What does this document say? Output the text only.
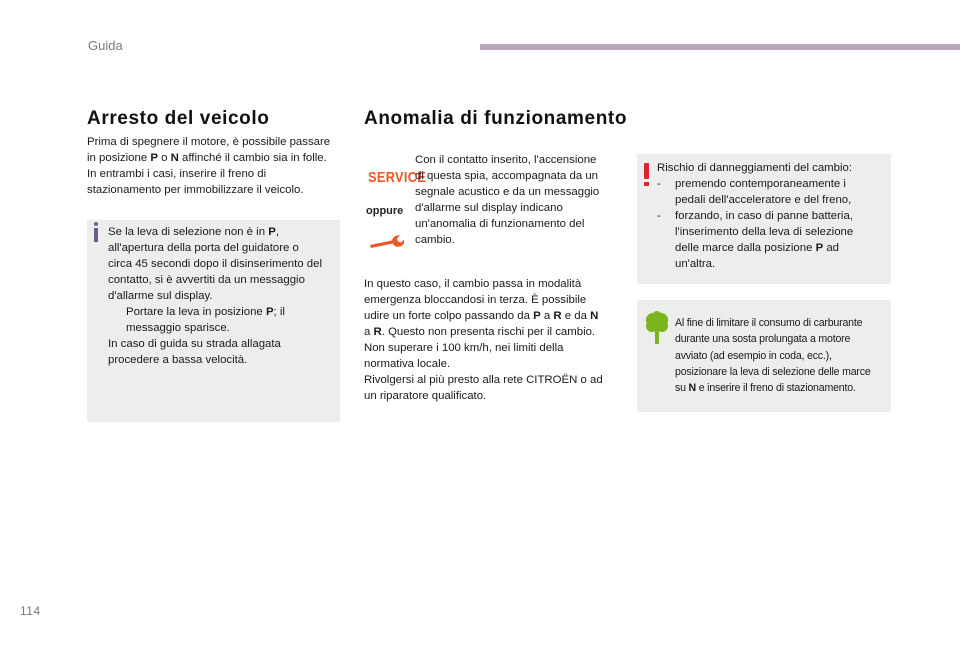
Guida
Arresto del veicolo
Prima di spegnere il motore, è possibile passare
in posizione P o N affinché il cambio sia in folle.
In entrambi i casi, inserire il freno di
stazionamento per immobilizzare il veicolo.
Se la leva di selezione non è in P,
all'apertura della porta del guidatore o
circa 45 secondi dopo il disinserimento del
contatto, si è avvertiti da un messaggio
d'allarme sul display.
Portare la leva in posizione P; il
messaggio sparisce.
In caso di guida su strada allagata
procedere a bassa velocità.
Anomalia di funzionamento
SERVICE
oppure
Con il contatto inserito, l'accensione
di questa spia, accompagnata da un
segnale acustico e da un messaggio
d'allarme sul display indicano
un'anomalia di funzionamento del
cambio.
In questo caso, il cambio passa in modalità
emergenza bloccandosi in terza. È possibile
udire un forte colpo passando da P a R e da N
a R. Questo non presenta rischi per il cambio.
Non superare i 100 km/h, nei limiti della
normativa locale.
Rivolgersi al più presto alla rete CITROËN o ad
un riparatore qualificato.
Rischio di danneggiamenti del cambio:
-	premendo contemporaneamente i
pedali dell'acceleratore e del freno,
-	forzando, in caso di panne batteria,
l'inserimento della leva di selezione
delle marce dalla posizione P ad
un'altra.
Al fine di limitare il consumo di carburante
durante una sosta prolungata a motore
avviato (ad esempio in coda, ecc.),
posizionare la leva di selezione delle marce
su N e inserire il freno di stazionamento.
114
